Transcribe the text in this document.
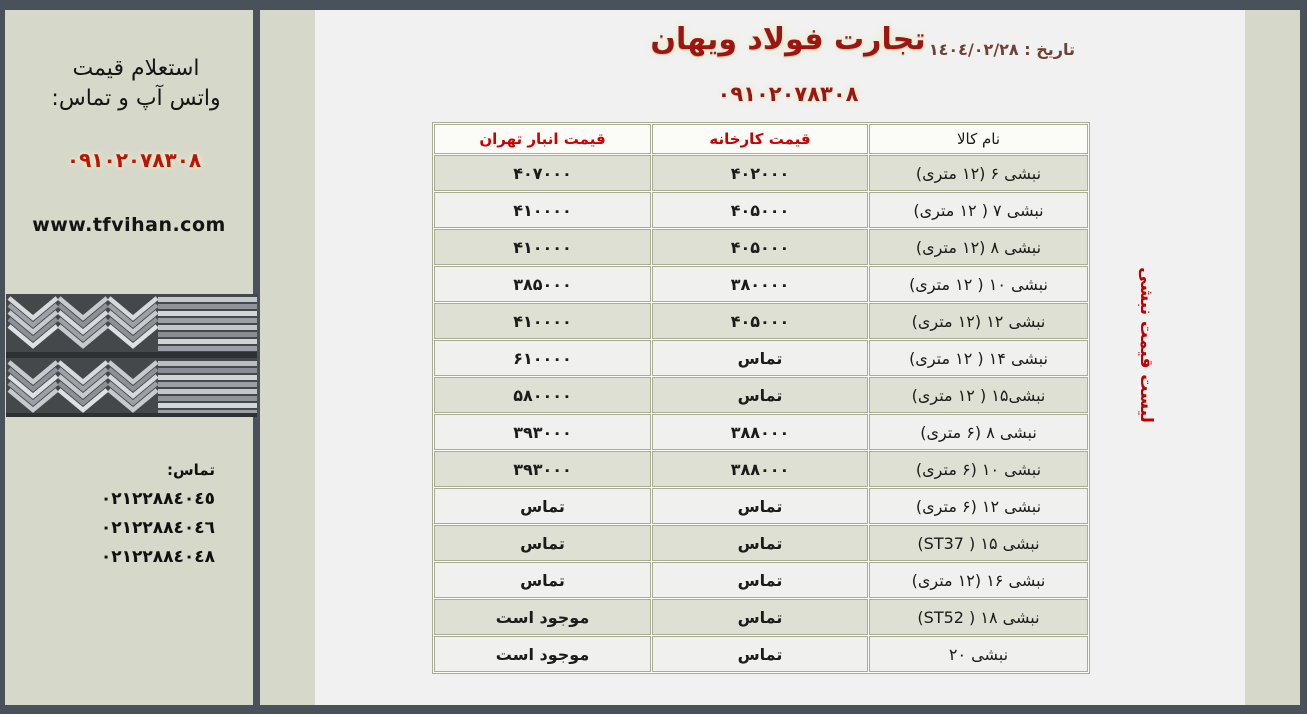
استعلام قیمت
واتس آپ و تماس:
۰۹۱۰۲۰۷۸۳۰۸
www.tfvihan.com
تماس:
٠٢١٢٢٨٨٤٠٤٥
٠٢١٢٢٨٨٤٠٤٦
٠٢١٢٢٨٨٤٠٤٨
تجارت فولاد ویهان
۰۹۱۰۲۰۷۸۳۰۸
تاریخ : ١٤٠٤/٠٢/٢٨
نام کالا	قیمت کارخانه	قیمت انبار تهران
نبشی ۶ (۱۲ متری)	۴۰۲۰۰۰	۴۰۷۰۰۰
نبشی ۷ ( ۱۲ متری)	۴۰۵۰۰۰	۴۱۰۰۰۰
نبشی ۸ (۱۲ متری)	۴۰۵۰۰۰	۴۱۰۰۰۰
نبشی ۱۰ ( ۱۲ متری)	۳۸۰۰۰۰	۳۸۵۰۰۰
نبشی ۱۲ (۱۲ متری)	۴۰۵۰۰۰	۴۱۰۰۰۰
نبشی ۱۴ ( ۱۲ متری)	تماس	۶۱۰۰۰۰
نبشی۱۵ ( ۱۲ متری)	تماس	۵۸۰۰۰۰
نبشی ۸ (۶ متری)	۳۸۸۰۰۰	۳۹۳۰۰۰
نبشی ۱۰ (۶ متری)	۳۸۸۰۰۰	۳۹۳۰۰۰
نبشی ۱۲ (۶ متری)	تماس	تماس
نبشی ۱۵ ( ST37)	تماس	تماس
نبشی ۱۶ (۱۲ متری)	تماس	تماس
نبشی ۱۸ ( ST52)	تماس	موجود است
نبشی ۲۰	تماس	موجود است
لیست قیمت نبشی
